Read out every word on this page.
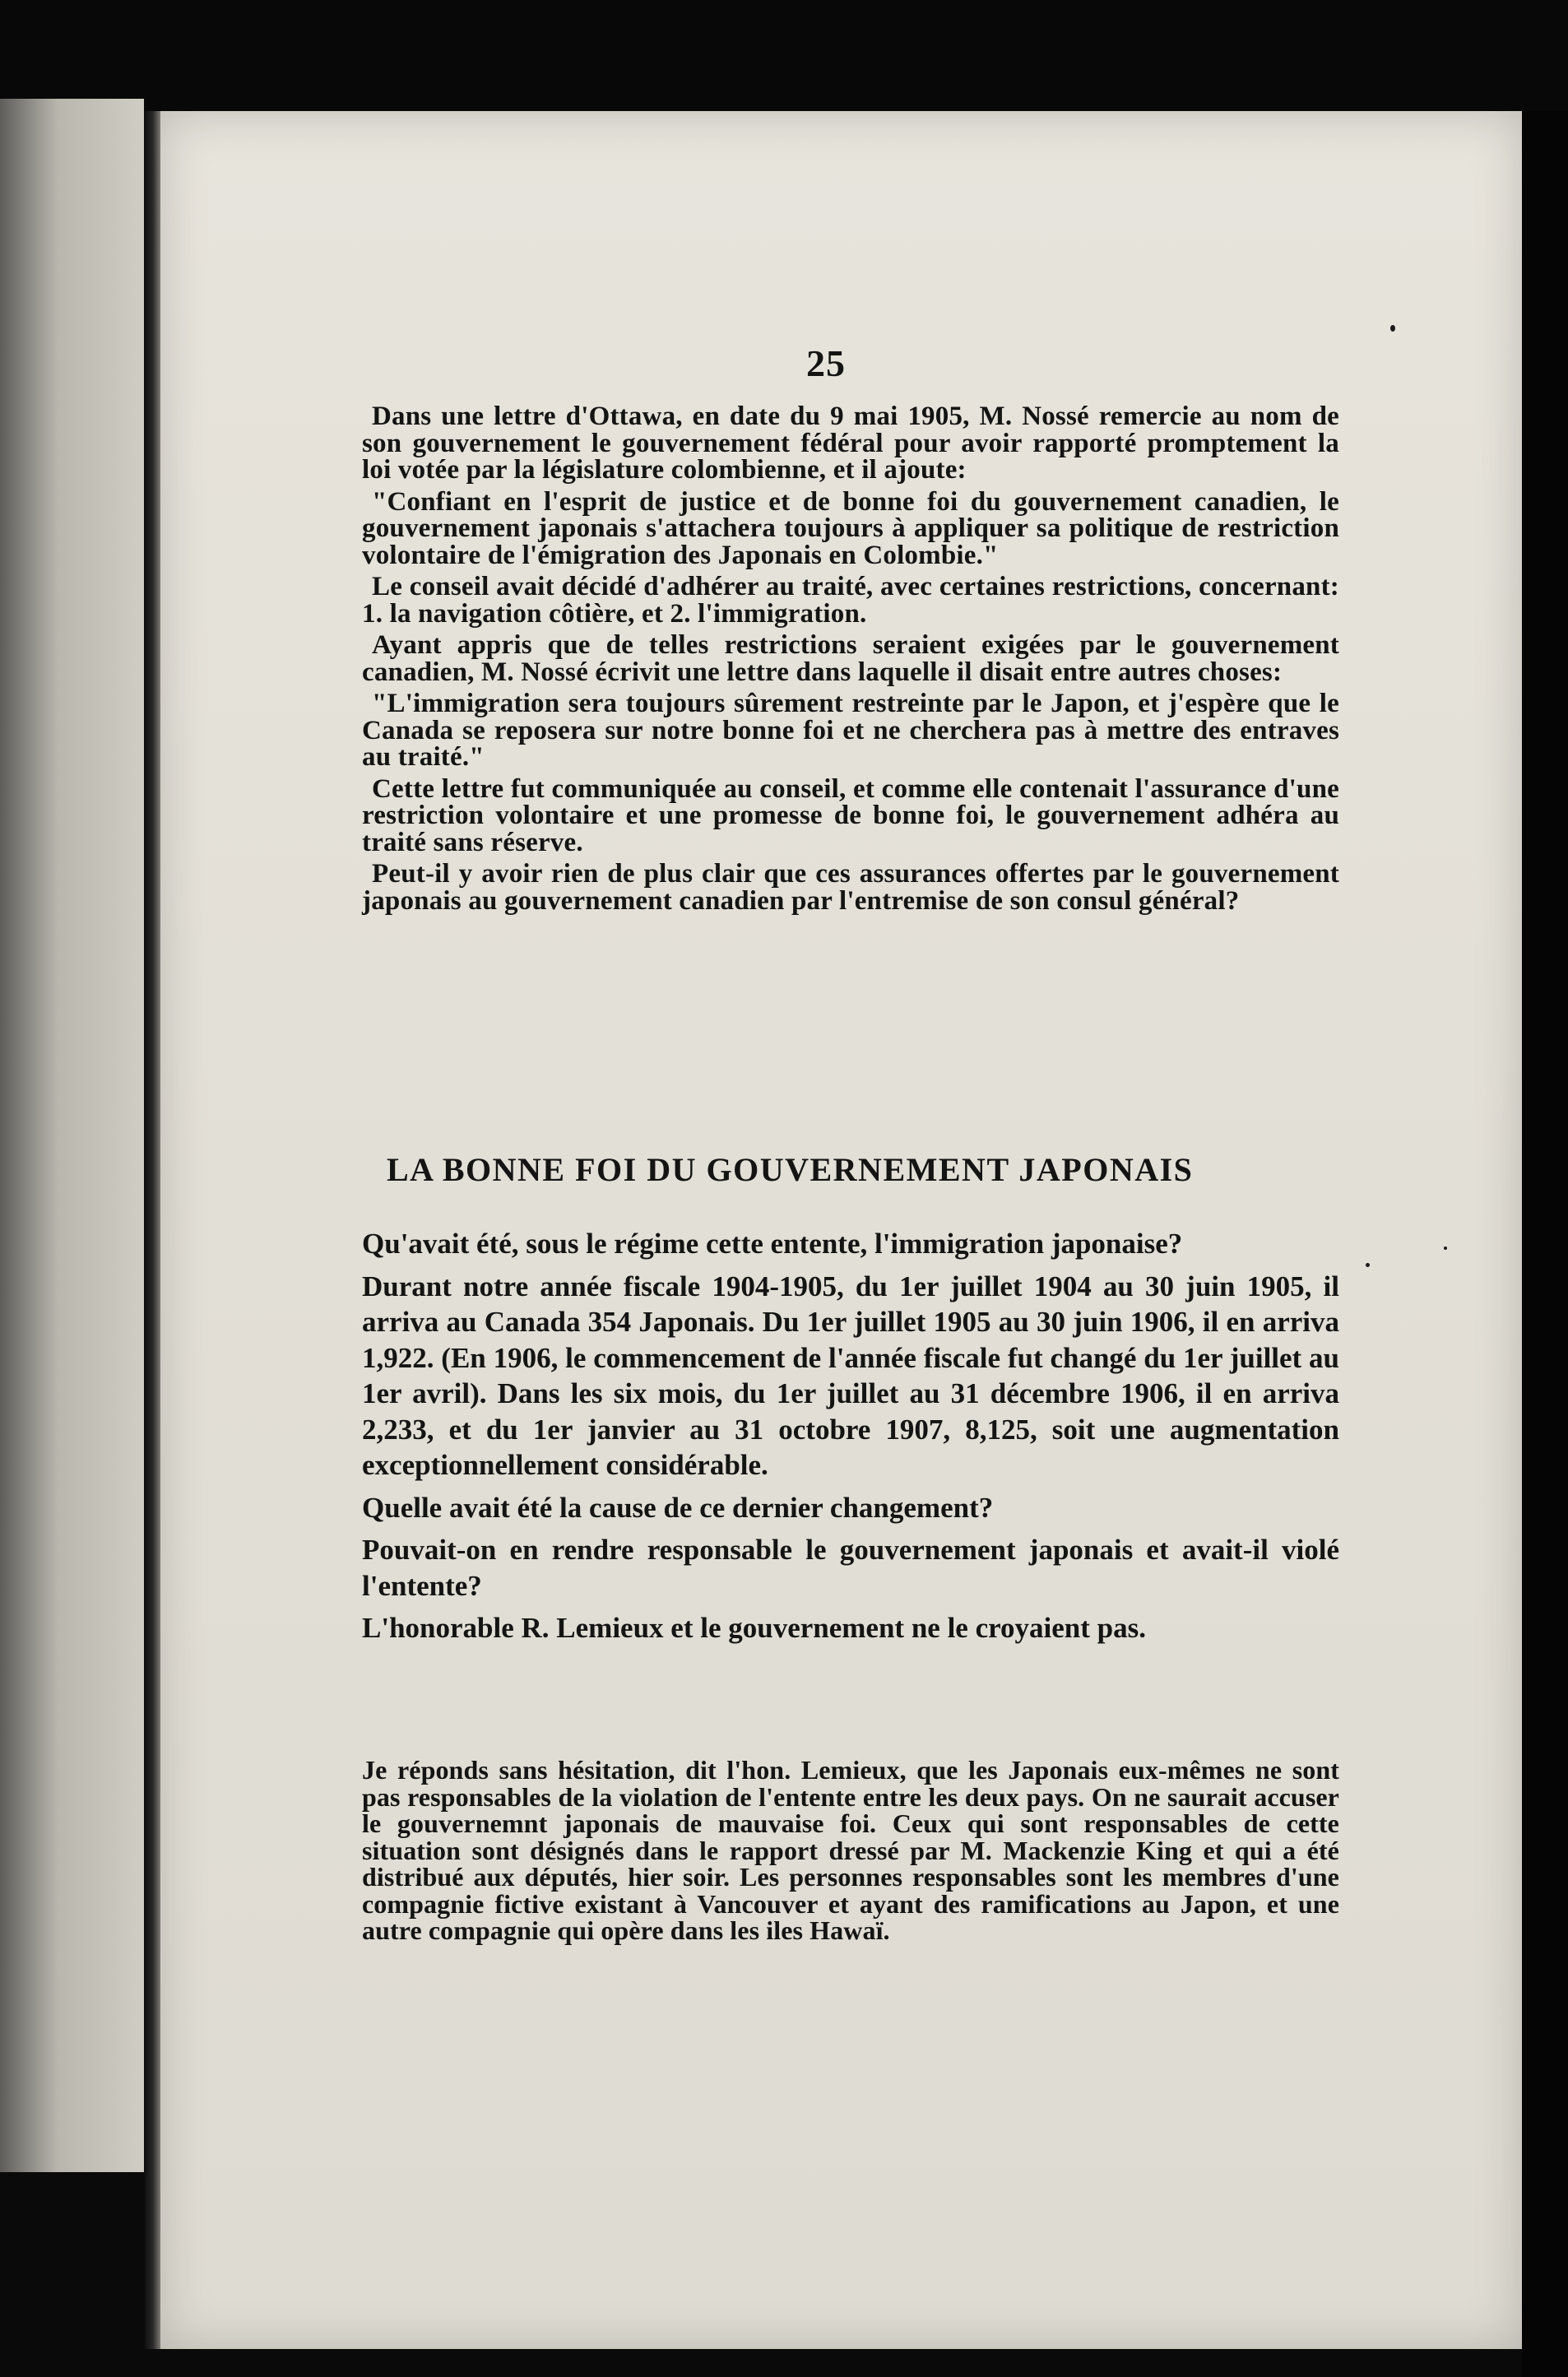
25

Dans une lettre d'Ottawa, en date du 9 mai 1905, M. Nossé remercie au nom de son gouvernement le gouvernement fédéral pour avoir rapporté promptement la loi votée par la législature colombienne, et il ajoute:

"Confiant en l'esprit de justice et de bonne foi du gouvernement canadien, le gouvernement japonais s'attachera toujours à appliquer sa politique de restriction volontaire de l'émigration des Japonais en Colombie."

Le conseil avait décidé d'adhérer au traité, avec certaines restrictions, concernant: 1. la navigation côtière, et 2. l'immigration.

Ayant appris que de telles restrictions seraient exigées par le gouvernement canadien, M. Nossé écrivit une lettre dans laquelle il disait entre autres choses:

"L'immigration sera toujours sûrement restreinte par le Japon, et j'espère que le Canada se reposera sur notre bonne foi et ne cherchera pas à mettre des entraves au traité."

Cette lettre fut communiquée au conseil, et comme elle contenait l'assurance d'une restriction volontaire et une promesse de bonne foi, le gouvernement adhéra au traité sans réserve.

Peut-il y avoir rien de plus clair que ces assurances offertes par le gouvernement japonais au gouvernement canadien par l'entremise de son consul général?

LA BONNE FOI DU GOUVERNEMENT JAPONAIS

Qu'avait été, sous le régime cette entente, l'immigration japonaise?

Durant notre année fiscale 1904-1905, du 1er juillet 1904 au 30 juin 1905, il arriva au Canada 354 Japonais. Du 1er juillet 1905 au 30 juin 1906, il en arriva 1,922. (En 1906, le commencement de l'année fiscale fut changé du 1er juillet au 1er avril). Dans les six mois, du 1er juillet au 31 décembre 1906, il en arriva 2,233, et du 1er janvier au 31 octobre 1907, 8,125, soit une augmentation exceptionnellement considérable.

Quelle avait été la cause de ce dernier changement?

Pouvait-on en rendre responsable le gouvernement japonais et avait-il violé l'entente?

L'honorable R. Lemieux et le gouvernement ne le croyaient pas.

Je réponds sans hésitation, dit l'hon. Lemieux, que les Japonais eux-mêmes ne sont pas responsables de la violation de l'entente entre les deux pays. On ne saurait accuser le gouvernemnt japonais de mauvaise foi. Ceux qui sont responsables de cette situation sont désignés dans le rapport dressé par M. Mackenzie King et qui a été distribué aux députés, hier soir. Les personnes responsables sont les membres d'une compagnie fictive existant à Vancouver et ayant des ramifications au Japon, et une autre compagnie qui opère dans les iles Hawaï.
